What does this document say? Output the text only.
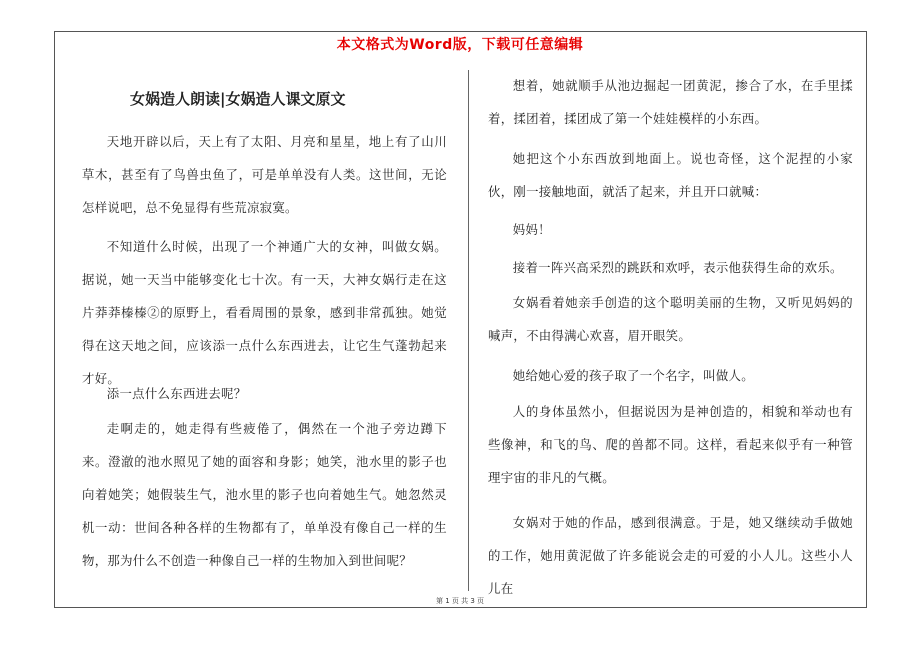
本文格式为Word版，下载可任意编辑
女娲造人朗读|女娲造人课文原文
天地开辟以后，天上有了太阳、月亮和星星，地上有了山川草木，甚至有了鸟兽虫鱼了，可是单单没有人类。这世间，无论怎样说吧，总不免显得有些荒凉寂寞。
不知道什么时候，出现了一个神通广大的女神，叫做女娲。据说，她一天当中能够变化七十次。有一天，大神女娲行走在这片莽莽榛榛②的原野上，看看周围的景象，感到非常孤独。她觉得在这天地之间，应该添一点什么东西进去，让它生气蓬勃起来才好。
添一点什么东西进去呢？
走啊走的，她走得有些疲倦了，偶然在一个池子旁边蹲下来。澄澈的池水照见了她的面容和身影；她笑，池水里的影子也向着她笑；她假装生气，池水里的影子也向着她生气。她忽然灵机一动：世间各种各样的生物都有了，单单没有像自己一样的生物，那为什么不创造一种像自己一样的生物加入到世间呢？
想着，她就顺手从池边掘起一团黄泥，掺合了水，在手里揉着，揉团着，揉团成了第一个娃娃模样的小东西。
她把这个小东西放到地面上。说也奇怪，这个泥捏的小家伙，刚一接触地面，就活了起来，并且开口就喊：
妈妈！
接着一阵兴高采烈的跳跃和欢呼，表示他获得生命的欢乐。
女娲看着她亲手创造的这个聪明美丽的生物，又听见妈妈的喊声，不由得满心欢喜，眉开眼笑。
她给她心爱的孩子取了一个名字，叫做人。
人的身体虽然小，但据说因为是神创造的，相貌和举动也有些像神，和飞的鸟、爬的兽都不同。这样，看起来似乎有一种管理宇宙的非凡的气概。
女娲对于她的作品，感到很满意。于是，她又继续动手做她的工作，她用黄泥做了许多能说会走的可爱的小人儿。这些小人儿在
第 1 页 共 3 页
